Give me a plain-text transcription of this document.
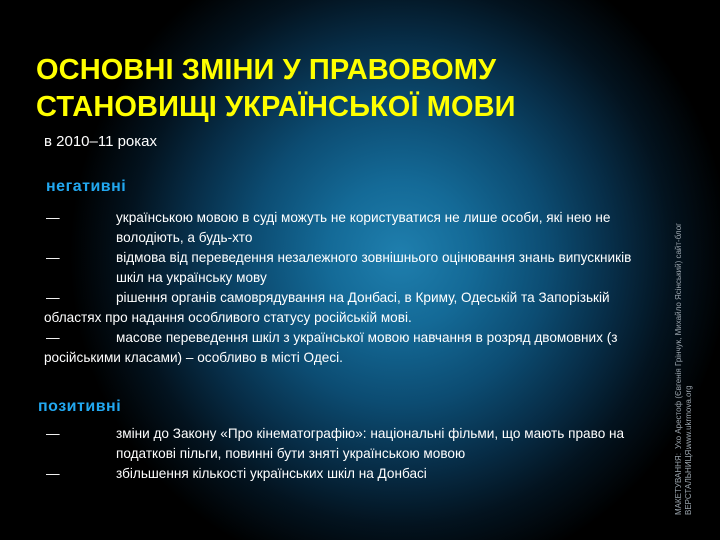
ОСНОВНІ ЗМІНИ У ПРАВОВОМУ
СТАНОВИЩІ УКРАЇНСЬКОЇ МОВИ
в 2010–11 роках
негативні
—	українською мовою в суді можуть не користуватися не лише особи, які нею не володіють, а будь-хто
—	відмова від переведення незалежного зовнішнього оцінювання знань випускників шкіл на українську мову
—	рішення органів самоврядування на Донбасі, в Криму, Одеській та Запорізькій областях про надання особливого статусу російській мові.
—	масове переведення шкіл з української мовою навчання в розряд двомовних (з російськими класами) – особливо в місті Одесі.
позитивні
—	зміни до Закону «Про кінематографію»: національні фільми, що мають право на податкові пільги, повинні бути зняті українською мовою
—	збільшення кількості українських шкіл на Донбасі	МАКЕТУВАННЯ:Ухо Арестоф (Євгенія Грінчук, Михайло Ясінський) сайт-блог
ВЕРСТАЛЬНИЦЯ:www.ukrmova.org
